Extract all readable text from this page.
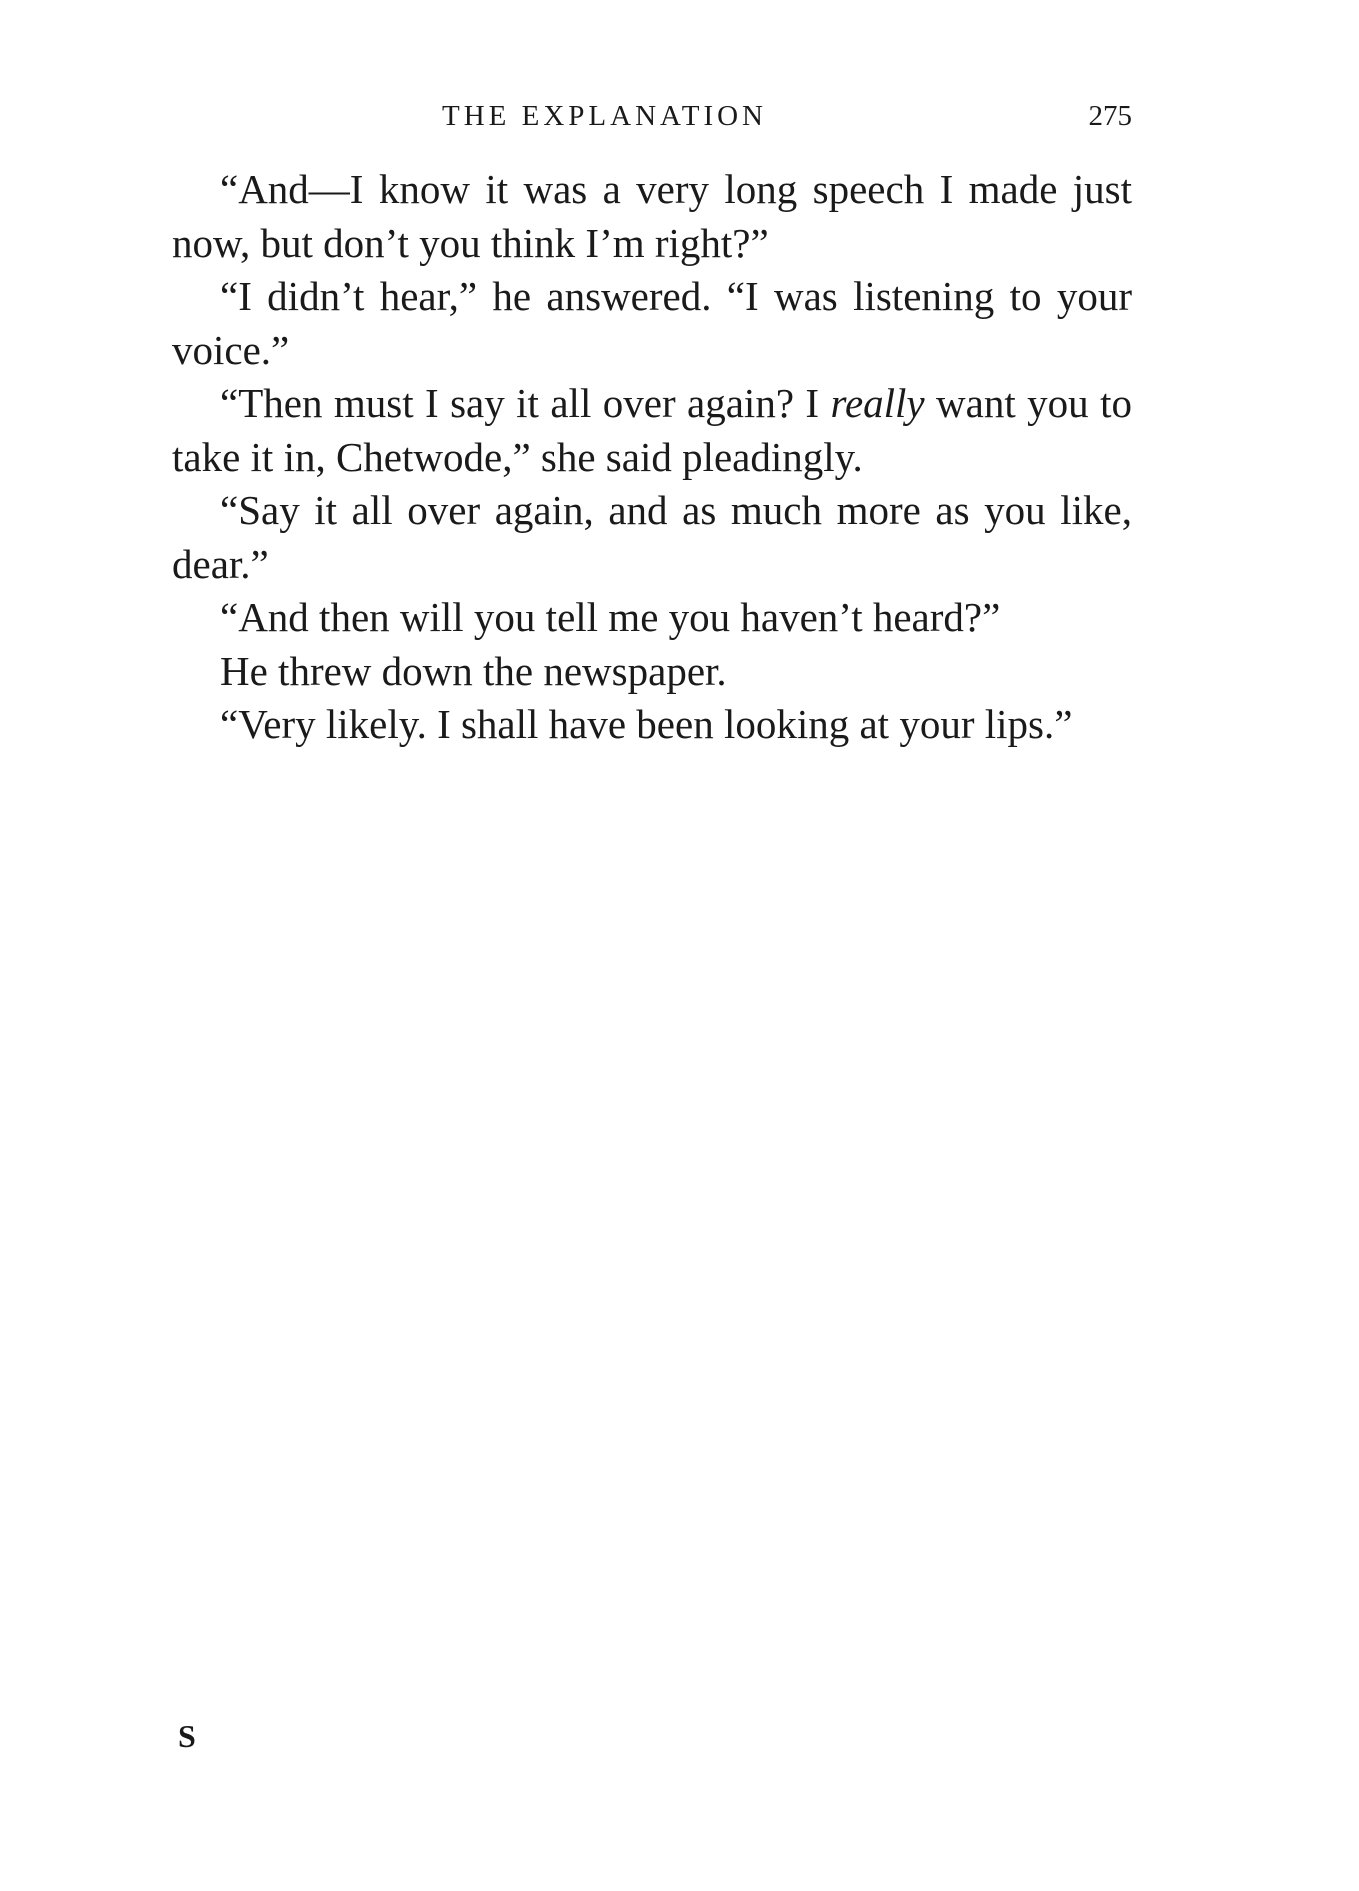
THE EXPLANATION	275

“And—I know it was a very long speech I made just now, but don’t you think I’m right?”

“I didn’t hear,” he answered. “I was listening to your voice.”

“Then must I say it all over again? I really want you to take it in, Chetwode,” she said pleadingly.

“Say it all over again, and as much more as you like, dear.”

“And then will you tell me you haven’t heard?”

He threw down the newspaper.

“Very likely. I shall have been looking at your lips.”

S
